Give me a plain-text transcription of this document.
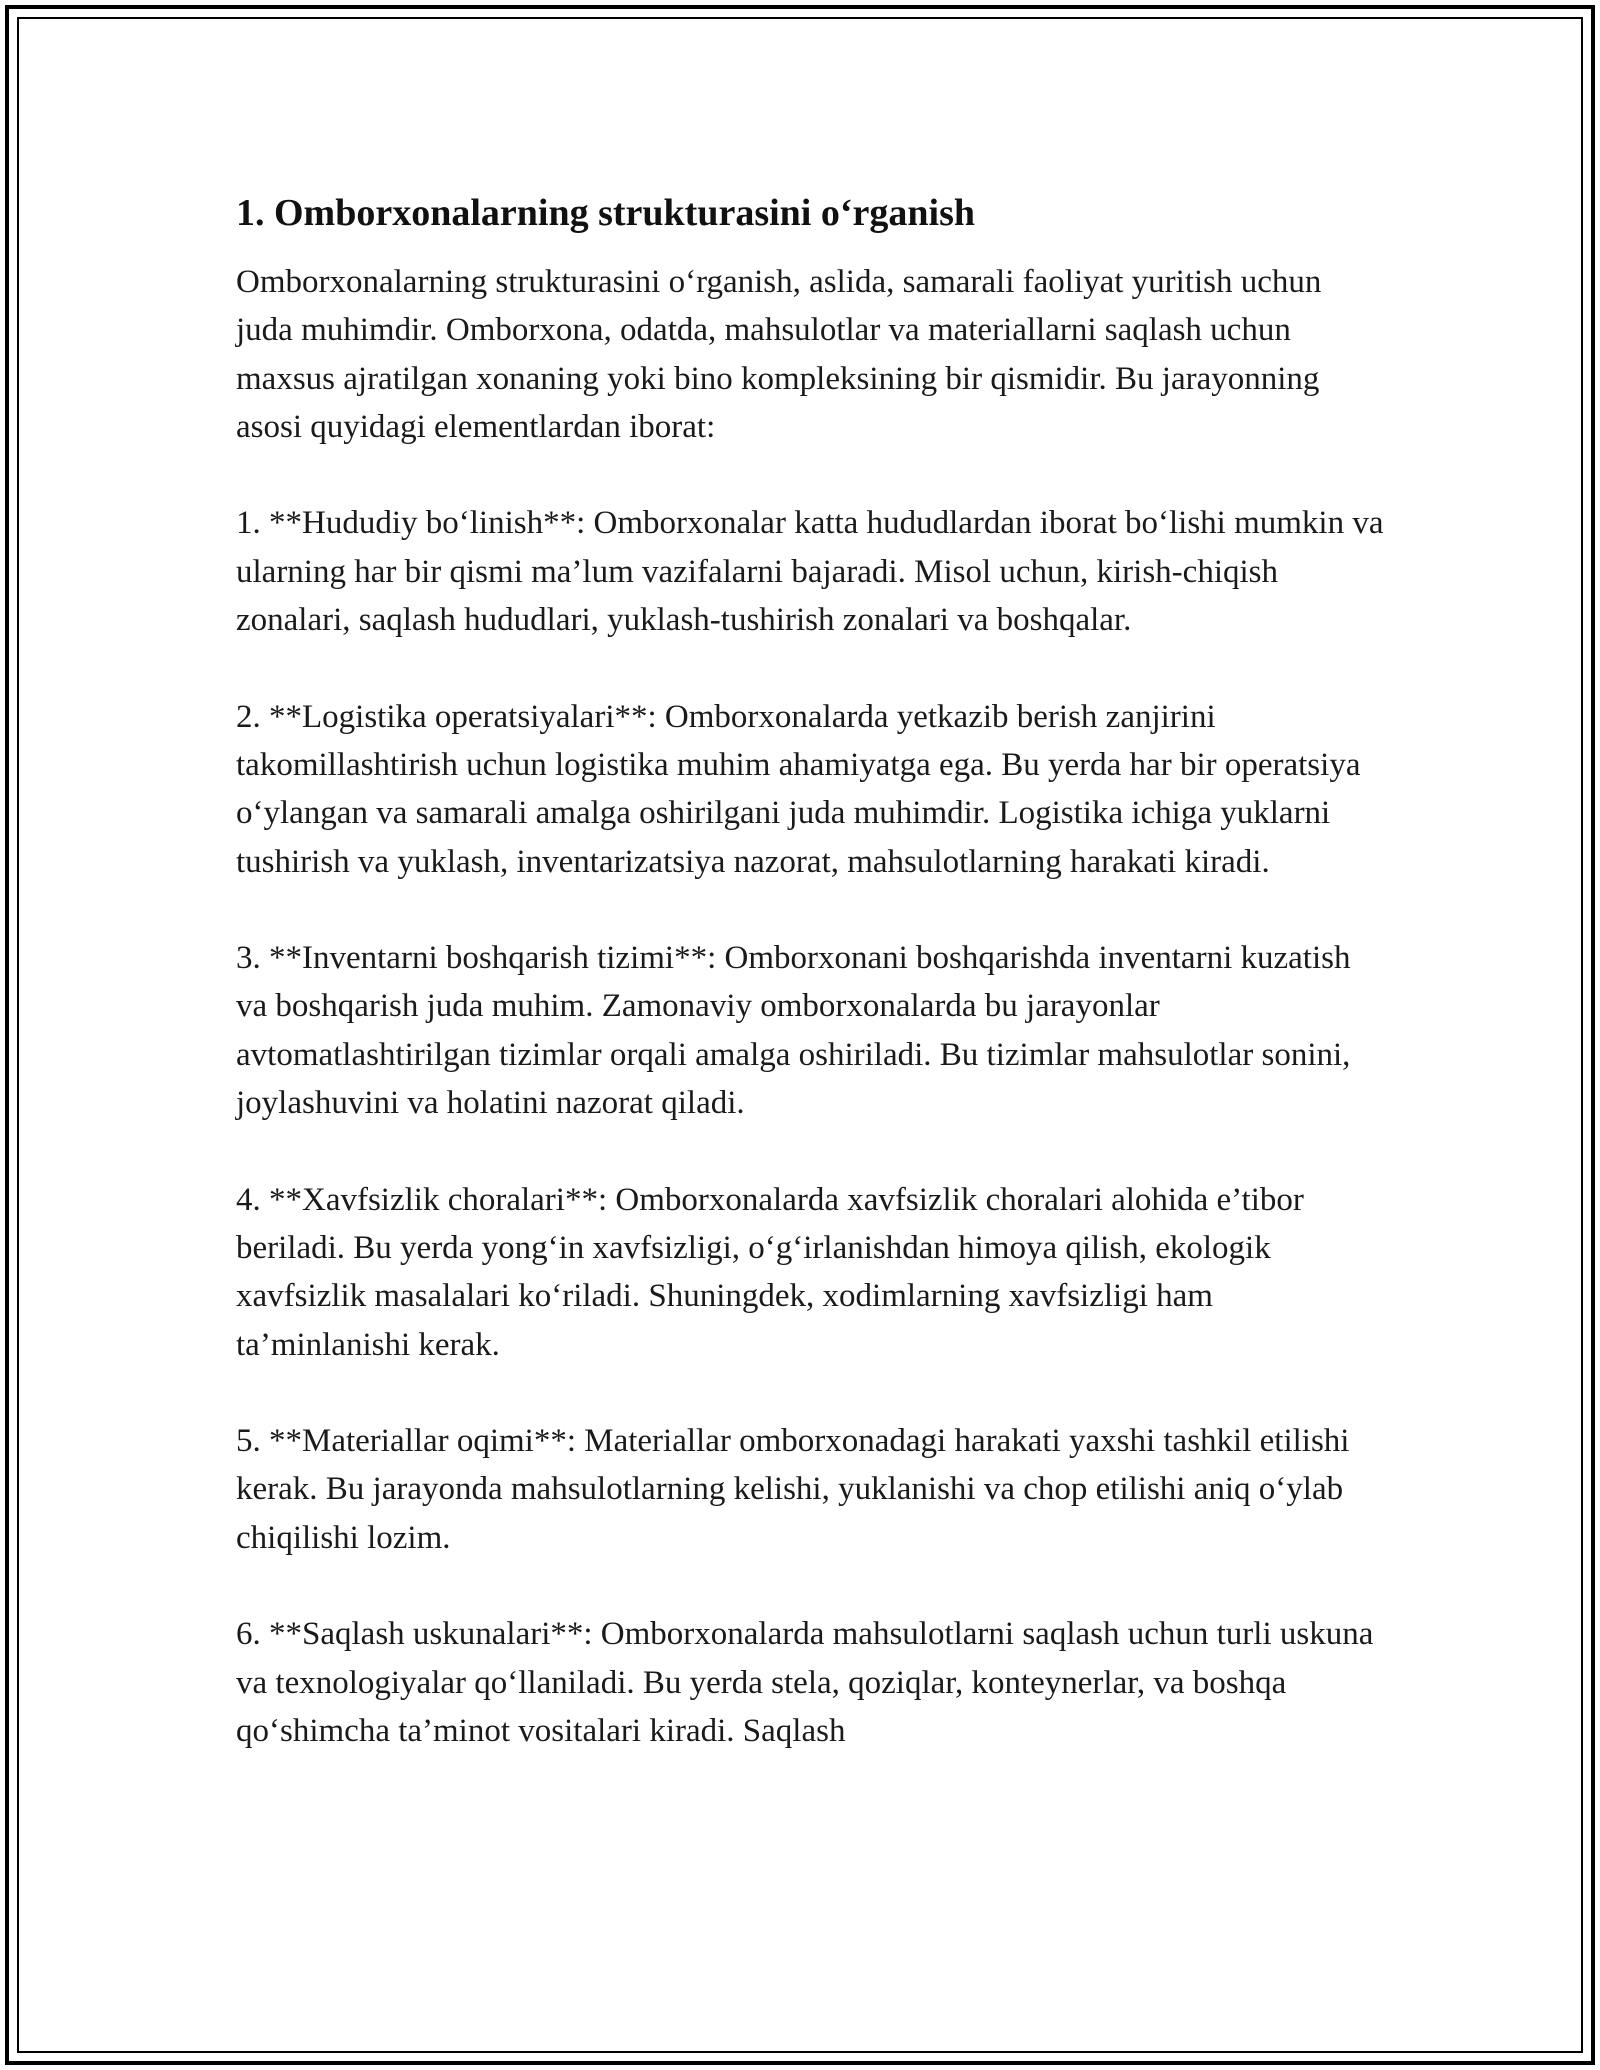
1. Omborxonalarning strukturasini o‘rganish

Omborxonalarning strukturasini o‘rganish, aslida, samarali faoliyat yuritish uchun juda muhimdir. Omborxona, odatda, mahsulotlar va materiallarni saqlash uchun maxsus ajratilgan xonaning yoki bino kompleksining bir qismidir. Bu jarayonning asosi quyidagi elementlardan iborat:

1. **Hududiy bo‘linish**: Omborxonalar katta hududlardan iborat bo‘lishi mumkin va ularning har bir qismi ma’lum vazifalarni bajaradi. Misol uchun, kirish-chiqish zonalari, saqlash hududlari, yuklash-tushirish zonalari va boshqalar.

2. **Logistika operatsiyalari**: Omborxonalarda yetkazib berish zanjirini takomillashtirish uchun logistika muhim ahamiyatga ega. Bu yerda har bir operatsiya o‘ylangan va samarali amalga oshirilgani juda muhimdir. Logistika ichiga yuklarni tushirish va yuklash, inventarizatsiya nazorat, mahsulotlarning harakati kiradi.

3. **Inventarni boshqarish tizimi**: Omborxonani boshqarishda inventarni kuzatish va boshqarish juda muhim. Zamonaviy omborxonalarda bu jarayonlar avtomatlashtirilgan tizimlar orqali amalga oshiriladi. Bu tizimlar mahsulotlar sonini, joylashuvini va holatini nazorat qiladi.

4. **Xavfsizlik choralari**: Omborxonalarda xavfsizlik choralari alohida e’tibor beriladi. Bu yerda yong‘in xavfsizligi, o‘g‘irlanishdan himoya qilish, ekologik xavfsizlik masalalari ko‘riladi. Shuningdek, xodimlarning xavfsizligi ham ta’minlanishi kerak.

5. **Materiallar oqimi**: Materiallar omborxonadagi harakati yaxshi tashkil etilishi kerak. Bu jarayonda mahsulotlarning kelishi, yuklanishi va chop etilishi aniq o‘ylab chiqilishi lozim.

6. **Saqlash uskunalari**: Omborxonalarda mahsulotlarni saqlash uchun turli uskuna va texnologiyalar qo‘llaniladi. Bu yerda stela, qoziqlar, konteynerlar, va boshqa qo‘shimcha ta’minot vositalari kiradi. Saqlash
